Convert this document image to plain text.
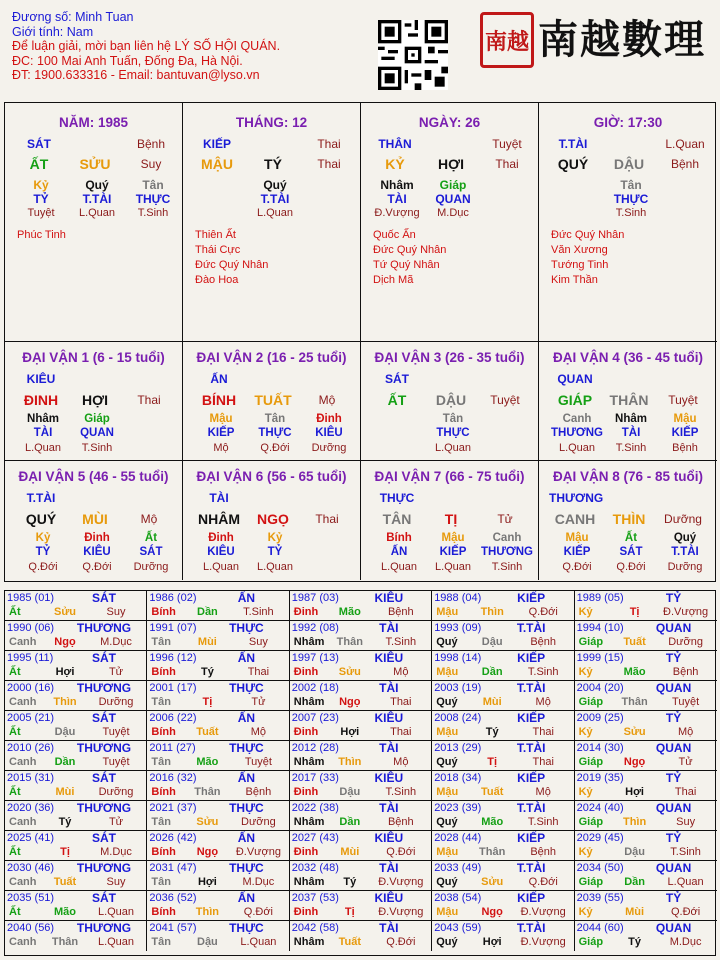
Đương số: Minh Tuan
Giới tính: Nam
Để luận giải, mời bạn liên hệ LÝ SỐ HỘI QUÁN.
ĐC: 100 Mai Anh Tuấn, Đống Đa, Hà Nội.
ĐT: 1900.633316 - Email: bantuvan@lyso.vn
南越 南越數理
NĂM: 1985
SÁT	Bệnh
ẤT	SỬU	Suy
Kỷ
TỶ
Tuyệt
Quý
T.TÀI
L.Quan
Tân
THỰC
T.Sinh
Phúc Tinh
THÁNG: 12
KIẾP	Thai
MẬU	TÝ	Thai
Quý
T.TÀI
L.Quan
Thiên Ất
Thái Cực
Đức Quý Nhân
Đào Hoa
NGÀY: 26
THÂN	Tuyệt
KỶ	HỢI	Thai
Nhâm
TÀI
Đ.Vượng
Giáp
QUAN
M.Dục
Quốc Ấn
Đức Quý Nhân
Tứ Quý Nhân
Dịch Mã
GIỜ: 17:30
T.TÀI	L.Quan
QUÝ	DẬU	Bệnh
Tân
THỰC
T.Sinh
Đức Quý Nhân
Văn Xương
Tướng Tinh
Kim Thần
ĐẠI VẬN 1 (6 - 15 tuổi)
KIÊU
ĐINH	HỢI	Thai
Nhâm
TÀI
L.Quan
Giáp
QUAN
T.Sinh
ĐẠI VẬN 2 (16 - 25 tuổi)
ẤN
BÍNH	TUẤT	Mộ
Mậu
KIẾP
Mộ
Tân
THỰC
Q.Đới
Đinh
KIÊU
Dưỡng
ĐẠI VẬN 3 (26 - 35 tuổi)
SÁT
ẤT	DẬU	Tuyệt
Tân
THỰC
L.Quan
ĐẠI VẬN 4 (36 - 45 tuổi)
QUAN
GIÁP	THÂN	Tuyệt
Canh
THƯƠNG
L.Quan
Nhâm
TÀI
T.Sinh
Mậu
KIẾP
Bệnh
ĐẠI VẬN 5 (46 - 55 tuổi)
T.TÀI
QUÝ	MÙI	Mộ
Kỷ
TỶ
Q.Đới
Đinh
KIÊU
Q.Đới
Ất
SÁT
Dưỡng
ĐẠI VẬN 6 (56 - 65 tuổi)
TÀI
NHÂM	NGỌ	Thai
Đinh
KIÊU
L.Quan
Kỷ
TỶ
L.Quan
ĐẠI VẬN 7 (66 - 75 tuổi)
THỰC
TÂN	TỊ	Tử
Bính
ẤN
L.Quan
Mậu
KIẾP
L.Quan
Canh
THƯƠNG
T.Sinh
ĐẠI VẬN 8 (76 - 85 tuổi)
THƯƠNG
CANH	THÌN	Dưỡng
Mậu
KIẾP
Q.Đới
Ất
SÁT
Q.Đới
Quý
T.TÀI
Dưỡng
1985 (01)	SÁT
Ất	Sửu	Suy
1986 (02)	ẤN
Bính	Dần	T.Sinh
1987 (03)	KIÊU
Đinh	Mão	Bệnh
1988 (04)	KIẾP
Mậu	Thìn	Q.Đới
1989 (05)	TỶ
Kỷ	Tị	Đ.Vượng
1990 (06)	THƯƠNG
Canh	Ngọ	M.Dục
1991 (07)	THỰC
Tân	Mùi	Suy
1992 (08)	TÀI
Nhâm	Thân	T.Sinh
1993 (09)	T.TÀI
Quý	Dậu	Bệnh
1994 (10)	QUAN
Giáp	Tuất	Dưỡng
1995 (11)	SÁT
Ất	Hợi	Tử
1996 (12)	ẤN
Bính	Tý	Thai
1997 (13)	KIÊU
Đinh	Sửu	Mộ
1998 (14)	KIẾP
Mậu	Dần	T.Sinh
1999 (15)	TỶ
Kỷ	Mão	Bệnh
2000 (16)	THƯƠNG
Canh	Thìn	Dưỡng
2001 (17)	THỰC
Tân	Tị	Tử
2002 (18)	TÀI
Nhâm	Ngọ	Thai
2003 (19)	T.TÀI
Quý	Mùi	Mộ
2004 (20)	QUAN
Giáp	Thân	Tuyệt
2005 (21)	SÁT
Ất	Dậu	Tuyệt
2006 (22)	ẤN
Bính	Tuất	Mộ
2007 (23)	KIÊU
Đinh	Hợi	Thai
2008 (24)	KIẾP
Mậu	Tý	Thai
2009 (25)	TỶ
Kỷ	Sửu	Mộ
2010 (26)	THƯƠNG
Canh	Dần	Tuyệt
2011 (27)	THỰC
Tân	Mão	Tuyệt
2012 (28)	TÀI
Nhâm	Thìn	Mộ
2013 (29)	T.TÀI
Quý	Tị	Thai
2014 (30)	QUAN
Giáp	Ngọ	Tử
2015 (31)	SÁT
Ất	Mùi	Dưỡng
2016 (32)	ẤN
Bính	Thân	Bệnh
2017 (33)	KIÊU
Đinh	Dậu	T.Sinh
2018 (34)	KIẾP
Mậu	Tuất	Mộ
2019 (35)	TỶ
Kỷ	Hợi	Thai
2020 (36)	THƯƠNG
Canh	Tý	Tử
2021 (37)	THỰC
Tân	Sửu	Dưỡng
2022 (38)	TÀI
Nhâm	Dần	Bệnh
2023 (39)	T.TÀI
Quý	Mão	T.Sinh
2024 (40)	QUAN
Giáp	Thìn	Suy
2025 (41)	SÁT
Ất	Tị	M.Dục
2026 (42)	ẤN
Bính	Ngọ	Đ.Vượng
2027 (43)	KIÊU
Đinh	Mùi	Q.Đới
2028 (44)	KIẾP
Mậu	Thân	Bệnh
2029 (45)	TỶ
Kỷ	Dậu	T.Sinh
2030 (46)	THƯƠNG
Canh	Tuất	Suy
2031 (47)	THỰC
Tân	Hợi	M.Dục
2032 (48)	TÀI
Nhâm	Tý	Đ.Vượng
2033 (49)	T.TÀI
Quý	Sửu	Q.Đới
2034 (50)	QUAN
Giáp	Dần	L.Quan
2035 (51)	SÁT
Ất	Mão	L.Quan
2036 (52)	ẤN
Bính	Thìn	Q.Đới
2037 (53)	KIÊU
Đinh	Tị	Đ.Vượng
2038 (54)	KIẾP
Mậu	Ngọ	Đ.Vượng
2039 (55)	TỶ
Kỷ	Mùi	Q.Đới
2040 (56)	THƯƠNG
Canh	Thân	L.Quan
2041 (57)	THỰC
Tân	Dậu	L.Quan
2042 (58)	TÀI
Nhâm	Tuất	Q.Đới
2043 (59)	T.TÀI
Quý	Hợi	Đ.Vượng
2044 (60)	QUAN
Giáp	Tý	M.Dục
